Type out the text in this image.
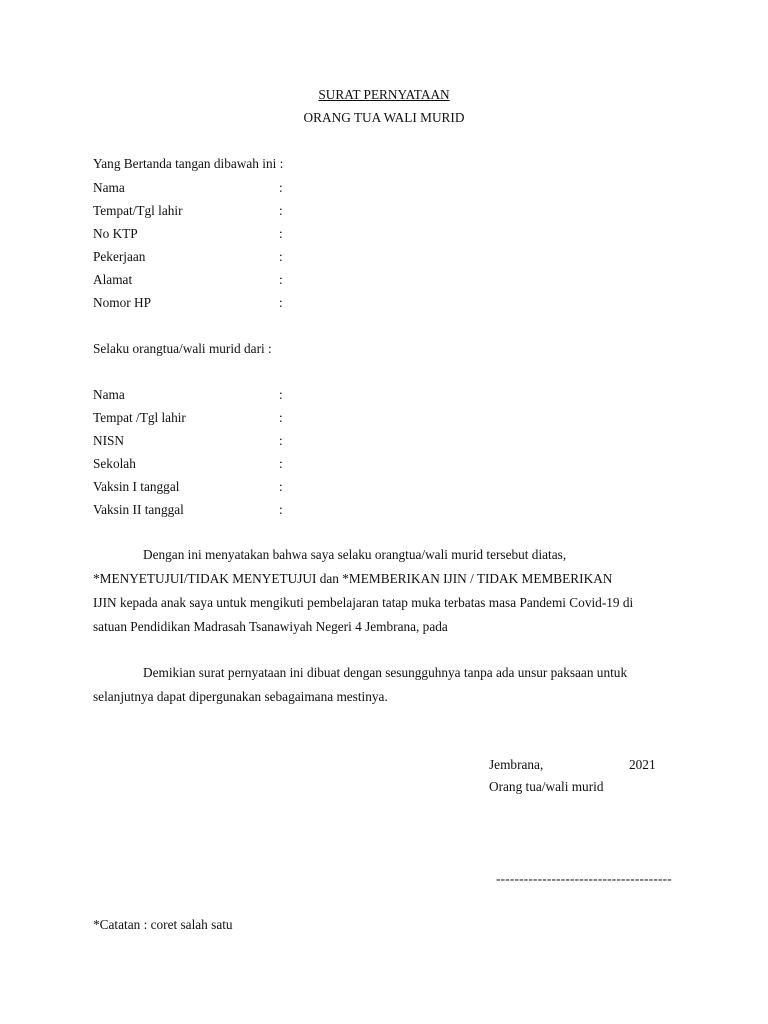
SURAT PERNYATAAN
ORANG TUA WALI MURID
Yang Bertanda tangan dibawah ini :
Nama	:
Tempat/Tgl lahir	:
No KTP	:
Pekerjaan	:
Alamat	:
Nomor HP	:
Selaku orangtua/wali murid dari :
Nama	:
Tempat /Tgl lahir	:
NISN	:
Sekolah	:
Vaksin I tanggal	:
Vaksin II tanggal	:
Dengan ini menyatakan bahwa saya selaku orangtua/wali murid tersebut diatas,
*MENYETUJUI/TIDAK MENYETUJUI dan *MEMBERIKAN IJIN / TIDAK MEMBERIKAN
IJIN kepada anak saya untuk mengikuti pembelajaran tatap muka terbatas masa Pandemi Covid-19 di
satuan Pendidikan Madrasah Tsanawiyah Negeri 4 Jembrana, pada
Demikian surat pernyataan ini dibuat dengan sesungguhnya tanpa ada unsur paksaan untuk
selanjutnya dapat dipergunakan sebagaimana mestinya.
Jembrana,	2021
Orang tua/wali murid
--------------------------------------
*Catatan : coret salah satu
